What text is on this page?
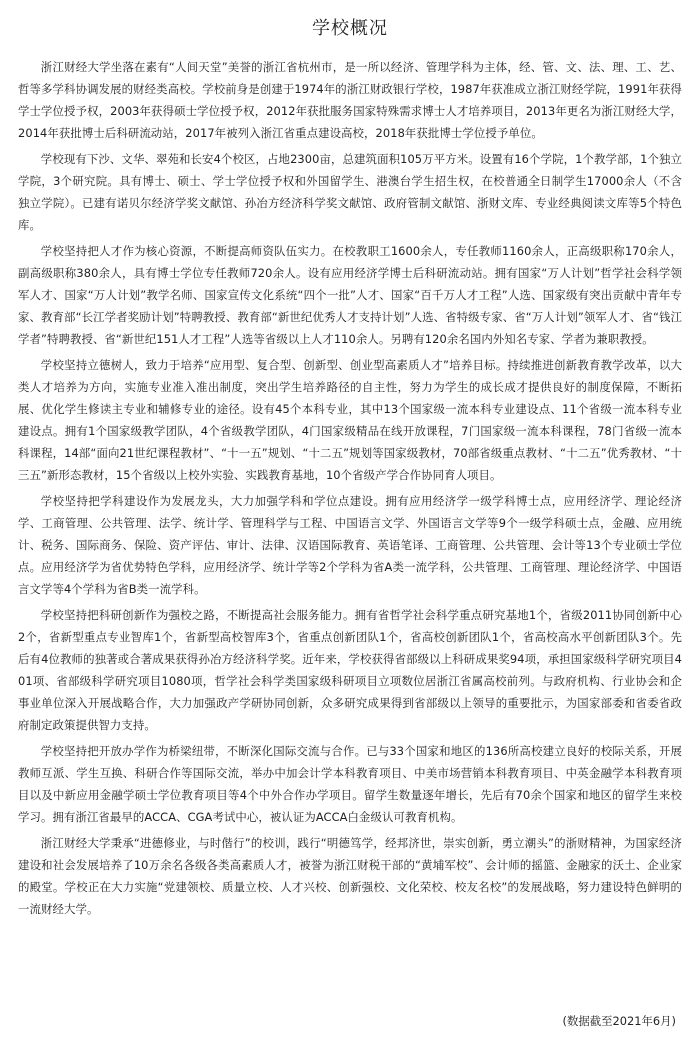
学校概况

浙江财经大学坐落在素有“人间天堂”美誉的浙江省杭州市，是一所以经济、管理学科为主体，经、管、文、法、理、工、艺、哲等多学科协调发展的财经类高校。学校前身是创建于1974年的浙江财政银行学校，1987年获准成立浙江财经学院，1991年获得学士学位授予权，2003年获得硕士学位授予权，2012年获批服务国家特殊需求博士人才培养项目，2013年更名为浙江财经大学，2014年获批博士后科研流动站，2017年被列入浙江省重点建设高校，2018年获批博士学位授予单位。

学校现有下沙、文华、翠苑和长安4个校区，占地2300亩，总建筑面积105万平方米。设置有16个学院，1个教学部，1个独立学院，3个研究院。具有博士、硕士、学士学位授予权和外国留学生、港澳台学生招生权，在校普通全日制学生17000余人（不含独立学院）。已建有诺贝尔经济学奖文献馆、孙冶方经济科学奖文献馆、政府管制文献馆、浙财文库、专业经典阅读文库等5个特色库。

学校坚持把人才作为核心资源，不断提高师资队伍实力。在校教职工1600余人，专任教师1160余人，正高级职称170余人，副高级职称380余人，具有博士学位专任教师720余人。设有应用经济学博士后科研流动站。拥有国家“万人计划”哲学社会科学领军人才、国家“万人计划”教学名师、国家宣传文化系统“四个一批”人才、国家“百千万人才工程”人选、国家级有突出贡献中青年专家、教育部“长江学者奖励计划”特聘教授、教育部“新世纪优秀人才支持计划”人选、省特级专家、省“万人计划”领军人才、省“钱江学者”特聘教授、省“新世纪151人才工程”人选等省级以上人才110余人。另聘有120余名国内外知名专家、学者为兼职教授。

学校坚持立德树人，致力于培养“应用型、复合型、创新型、创业型高素质人才”培养目标。持续推进创新教育教学改革，以大类人才培养为方向，实施专业准入准出制度，突出学生培养路径的自主性，努力为学生的成长成才提供良好的制度保障，不断拓展、优化学生修读主专业和辅修专业的途径。设有45个本科专业，其中13个国家级一流本科专业建设点、11个省级一流本科专业建设点。拥有1个国家级教学团队，4个省级教学团队，4门国家级精品在线开放课程，7门国家级一流本科课程，78门省级一流本科课程，14部“面向21世纪课程教材”、“十一五”规划、“十二五”规划等国家级教材，70部省级重点教材、“十二五”优秀教材、“十三五”新形态教材，15个省级以上校外实验、实践教育基地，10个省级产学合作协同育人项目。

学校坚持把学科建设作为发展龙头，大力加强学科和学位点建设。拥有应用经济学一级学科博士点，应用经济学、理论经济学、工商管理、公共管理、法学、统计学、管理科学与工程、中国语言文学、外国语言文学等9个一级学科硕士点，金融、应用统计、税务、国际商务、保险、资产评估、审计、法律、汉语国际教育、英语笔译、工商管理、公共管理、会计等13个专业硕士学位点。应用经济学为省优势特色学科，应用经济学、统计学等2个学科为省A类一流学科，公共管理、工商管理、理论经济学、中国语言文学等4个学科为省B类一流学科。

学校坚持把科研创新作为强校之路，不断提高社会服务能力。拥有省哲学社会科学重点研究基地1个，省级2011协同创新中心2个，省新型重点专业智库1个，省新型高校智库3个，省重点创新团队1个，省高校创新团队1个，省高校高水平创新团队3个。先后有4位教师的独著或合著成果获得孙冶方经济科学奖。近年来，学校获得省部级以上科研成果奖94项，承担国家级科学研究项目401项、省部级科学研究项目1080项，哲学社会科学类国家级科研项目立项数位居浙江省属高校前列。与政府机构、行业协会和企事业单位深入开展战略合作，大力加强政产学研协同创新，众多研究成果得到省部级以上领导的重要批示，为国家部委和省委省政府制定政策提供智力支持。

学校坚持把开放办学作为桥梁纽带，不断深化国际交流与合作。已与33个国家和地区的136所高校建立良好的校际关系，开展教师互派、学生互换、科研合作等国际交流，举办中加会计学本科教育项目、中美市场营销本科教育项目、中英金融学本科教育项目以及中新应用金融学硕士学位教育项目等4个中外合作办学项目。留学生数量逐年增长，先后有70余个国家和地区的留学生来校学习。拥有浙江省最早的ACCA、CGA考试中心，被认证为ACCA白金级认可教育机构。

浙江财经大学秉承“进德修业，与时偕行”的校训，践行“明德笃学，经邦济世，崇实创新，勇立潮头”的浙财精神，为国家经济建设和社会发展培养了10万余名各级各类高素质人才，被誉为浙江财税干部的“黄埔军校”、会计师的摇篮、金融家的沃土、企业家的殿堂。学校正在大力实施“党建领校、质量立校、人才兴校、创新强校、文化荣校、校友名校”的发展战略，努力建设特色鲜明的一流财经大学。

(数据截至2021年6月)
